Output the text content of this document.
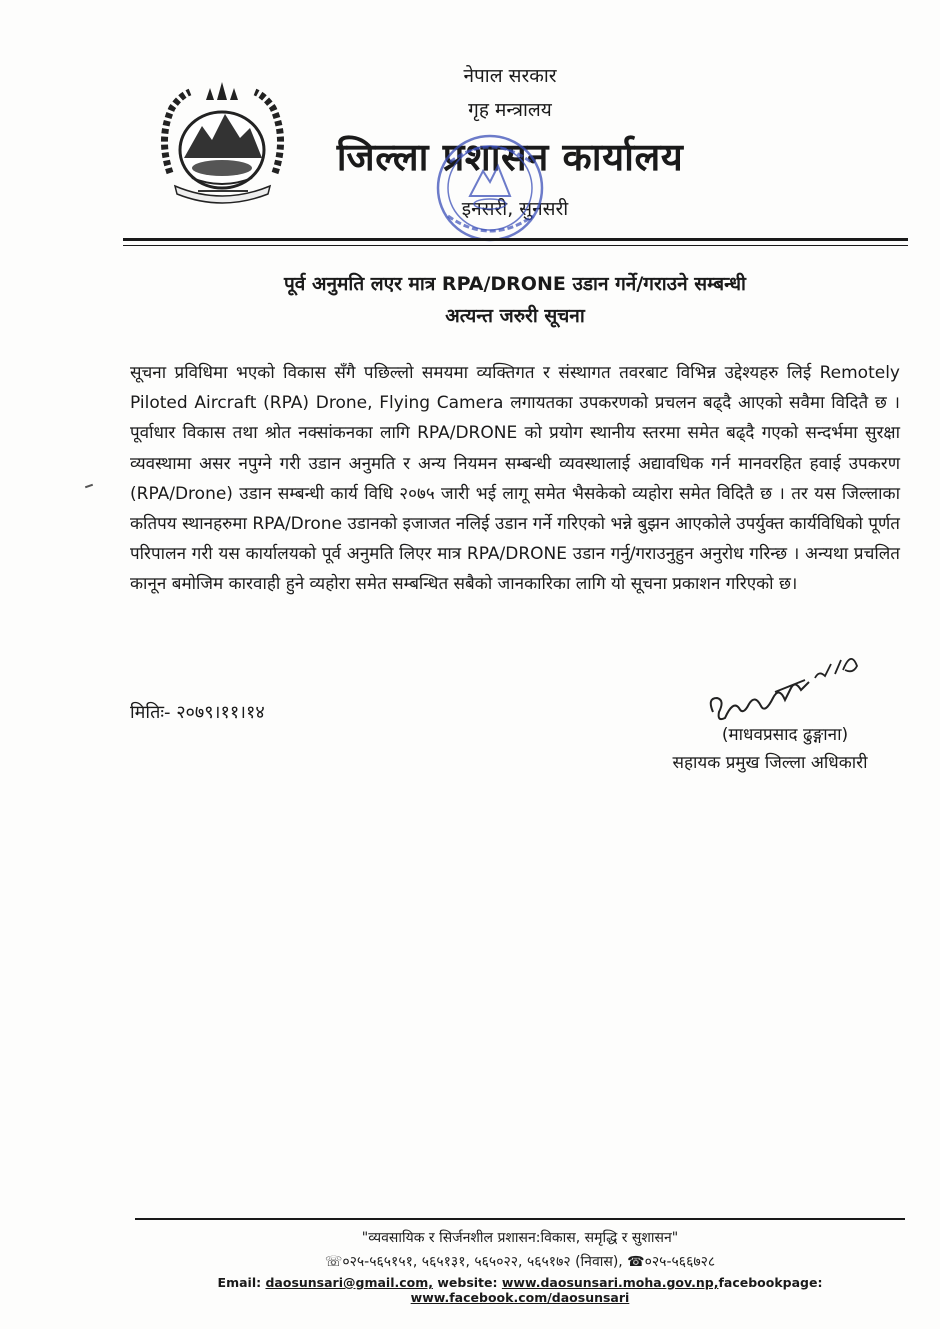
नेपाल सरकार
गृह मन्त्रालय
जिल्ला प्रशासन कार्यालय
इनसरी, सुनसरी
पूर्व अनुमति लएर मात्र RPA/DRONE उडान गर्ने/गराउने सम्बन्धी
अत्यन्त जरुरी सूचना

सूचना प्रविधिमा भएको विकास सँगै पछिल्लो समयमा व्यक्तिगत र संस्थागत तवरबाट विभिन्न उद्देश्यहरु लिई Remotely Piloted Aircraft (RPA) Drone, Flying Camera लगायतका उपकरणको प्रचलन बढ्दै आएको सवैमा विदितै छ । पूर्वाधार विकास तथा श्रोत नक्सांकनका लागि RPA/DRONE को प्रयोग स्थानीय स्तरमा समेत बढ्दै गएको सन्दर्भमा सुरक्षा व्यवस्थामा असर नपुग्ने गरी उडान अनुमति र अन्य नियमन सम्बन्धी व्यवस्थालाई अद्यावधिक गर्न मानवरहित हवाई उपकरण (RPA/Drone) उडान सम्बन्धी कार्य विधि २०७५ जारी भई लागू समेत भैसकेको व्यहोरा समेत विदितै छ । तर यस जिल्लाका कतिपय स्थानहरुमा RPA/Drone उडानको इजाजत नलिई उडान गर्ने गरिएको भन्ने बुझन आएकोले उपर्युक्त कार्यविधिको पूर्णत परिपालन गरी यस कार्यालयको पूर्व अनुमति लिएर मात्र RPA/DRONE उडान गर्नु/गराउनुहुन अनुरोध गरिन्छ । अन्यथा प्रचलित कानून बमोजिम कारवाही हुने व्यहोरा समेत सम्बन्धित सबैको जानकारिका लागि यो सूचना प्रकाशन गरिएको छ।

मितिः- २०७९।११।१४
(माधवप्रसाद ढुङ्गाना)
सहायक प्रमुख जिल्ला अधिकारी
"व्यवसायिक र सिर्जनशील प्रशासन:विकास, समृद्धि र सुशासन"
☏०२५-५६५१५१, ५६५१३१, ५६५०२२, ५६५१७२ (निवास), ☎०२५-५६६७२८
Email: daosunsari@gmail.com, website: www.daosunsari.moha.gov.np,facebookpage: www.facebook.com/daosunsari
